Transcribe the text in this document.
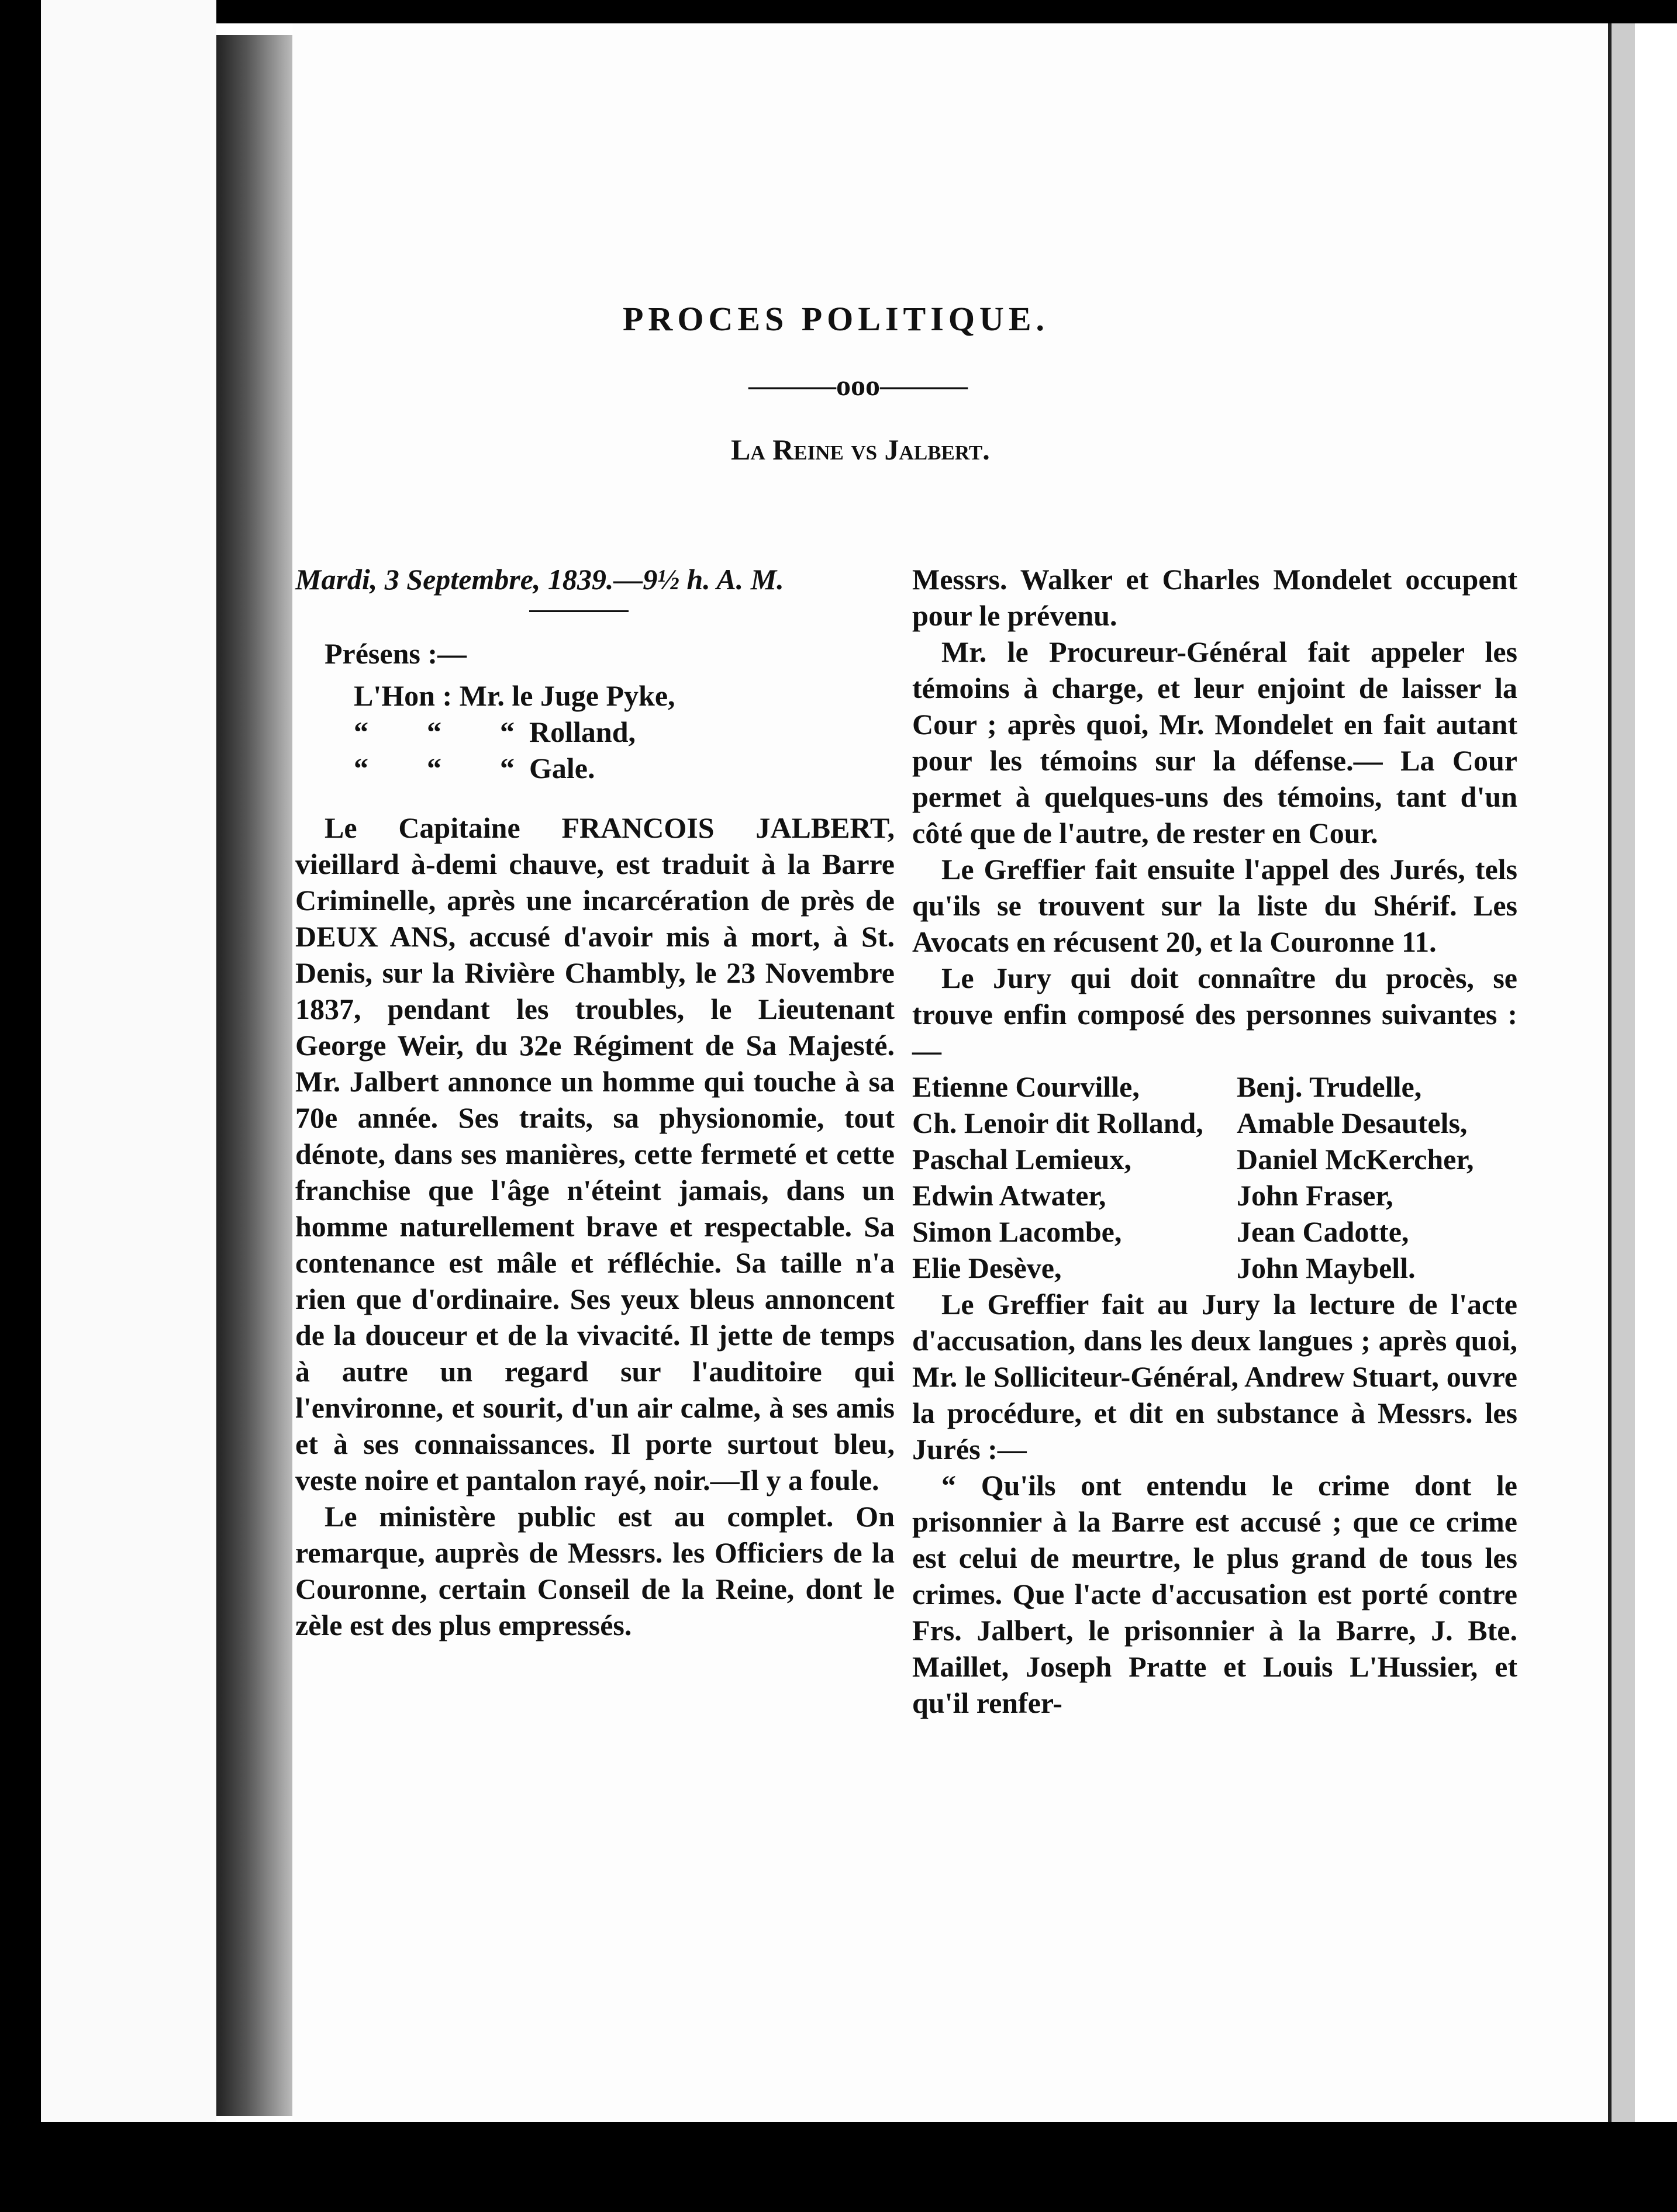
PROCES POLITIQUE.
———ooo———
La Reine vs Jalbert.

Mardi, 3 Septembre, 1839.—9½ h. A. M.

Présens :—

L'Hon : Mr. le Juge Pyke,

“        “        “  Rolland,

“        “        “  Gale.

Le Capitaine FRANCOIS JALBERT, vieillard à-demi chauve, est traduit à la Barre Criminelle, après une incarcération de près de DEUX ANS, accusé d'avoir mis à mort, à St. Denis, sur la Rivière Chambly, le 23 Novembre 1837, pendant les troubles, le Lieutenant George Weir, du 32e Régiment de Sa Majesté. Mr. Jalbert annonce un homme qui touche à sa 70e année. Ses traits, sa physionomie, tout dénote, dans ses manières, cette fermeté et cette franchise que l'âge n'éteint jamais, dans un homme naturellement brave et respectable. Sa contenance est mâle et réfléchie. Sa taille n'a rien que d'ordinaire. Ses yeux bleus annoncent de la douceur et de la vivacité. Il jette de temps à autre un regard sur l'auditoire qui l'environne, et sourit, d'un air calme, à ses amis et à ses connaissances. Il porte surtout bleu, veste noire et pantalon rayé, noir.—Il y a foule.

Le ministère public est au complet. On remarque, auprès de Messrs. les Officiers de la Couronne, certain Conseil de la Reine, dont le zèle est des plus empressés.

Messrs. Walker et Charles Mondelet occupent pour le prévenu.

Mr. le Procureur-Général fait appeler les témoins à charge, et leur enjoint de laisser la Cour ; après quoi, Mr. Mondelet en fait autant pour les témoins sur la défense.— La Cour permet à quelques-uns des témoins, tant d'un côté que de l'autre, de rester en Cour.

Le Greffier fait ensuite l'appel des Jurés, tels qu'ils se trouvent sur la liste du Shérif. Les Avocats en récusent 20, et la Couronne 11.

Le Jury qui doit connaître du procès, se trouve enfin composé des personnes suivantes :—

Etienne Courville,	Benj. Trudelle,
Ch. Lenoir dit Rolland,	Amable Desautels,
Paschal Lemieux,	Daniel McKercher,
Edwin Atwater,	John Fraser,
Simon Lacombe,	Jean Cadotte,
Elie Desève,	John Maybell.

Le Greffier fait au Jury la lecture de l'acte d'accusation, dans les deux langues ; après quoi, Mr. le Solliciteur-Général, Andrew Stuart, ouvre la procédure, et dit en substance à Messrs. les Jurés :—

“ Qu'ils ont entendu le crime dont le prisonnier à la Barre est accusé ; que ce crime est celui de meurtre, le plus grand de tous les crimes. Que l'acte d'accusation est porté contre Frs. Jalbert, le prisonnier à la Barre, J. Bte. Maillet, Joseph Pratte et Louis L'Hussier, et qu'il renfer-
